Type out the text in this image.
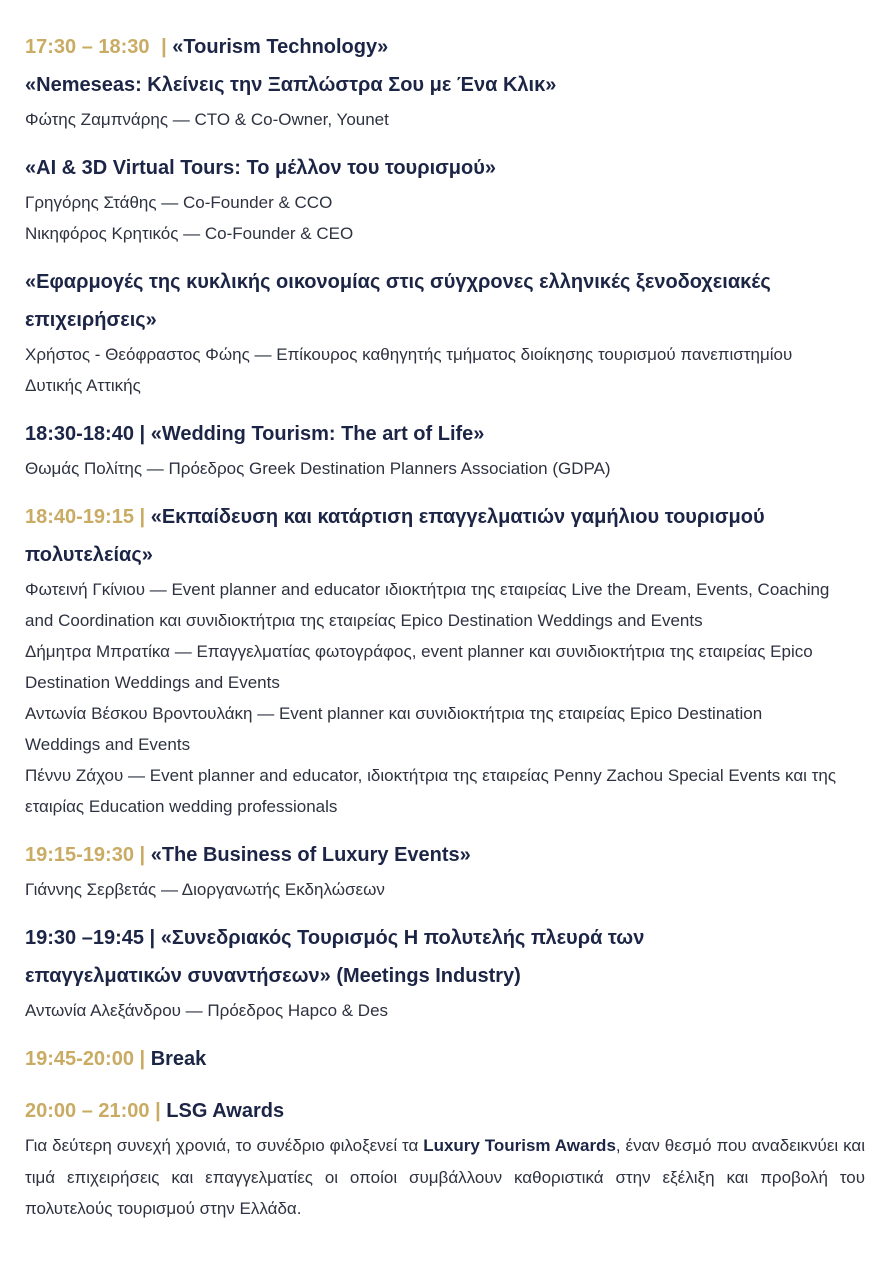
17:30 – 18:30 | «Tourism Technology»
«Nemeseas: Κλείνεις την Ξαπλώστρα Σου με Ένα Κλικ»
Φώτης Ζαμπνάρης — CTO & Co-Owner, Younet
«AI & 3D Virtual Tours: Το μέλλον του τουρισμού»
Γρηγόρης Στάθης — Co-Founder & CCO
Νικηφόρος Κρητικός — Co-Founder & CEO
«Εφαρμογές της κυκλικής οικονομίας στις σύγχρονες ελληνικές ξενοδοχειακές επιχειρήσεις»
Χρήστος - Θεόφραστος Φώης — Επίκουρος καθηγητής τμήματος διοίκησης τουρισμού πανεπιστημίου Δυτικής Αττικής
18:30-18:40 | «Wedding Tourism: The art of Life»
Θωμάς Πολίτης — Πρόεδρος Greek Destination Planners Association (GDPA)
18:40-19:15 | «Εκπαίδευση και κατάρτιση επαγγελματιών γαμήλιου τουρισμού πολυτελείας»
Φωτεινή Γκίνιου — Event planner and educator ιδιοκτήτρια της εταιρείας Live the Dream, Events, Coaching and Coordination και συνιδιοκτήτρια της εταιρείας Epico Destination Weddings and Events
Δήμητρα Μπρατίκα — Επαγγελματίας φωτογράφος, event planner και συνιδιοκτήτρια της εταιρείας Epico Destination Weddings and Events
Αντωνία Βέσκου Βροντουλάκη — Event planner και συνιδιοκτήτρια της εταιρείας Epico Destination Weddings and Events
Πέννυ Ζάχου — Event planner and educator, ιδιοκτήτρια της εταιρείας Penny Zachou Special Events και της εταιρίας Education wedding professionals
19:15-19:30 | «The Business of Luxury Events»
Γιάννης Σερβετάς — Διοργανωτής Εκδηλώσεων
19:30 –19:45 | «Συνεδριακός Τουρισμός Η πολυτελής πλευρά των επαγγελματικών συναντήσεων» (Meetings Industry)
Αντωνία Αλεξάνδρου — Πρόεδρος Hapco & Des
19:45-20:00 | Break
20:00 – 21:00 | LSG Awards
Για δεύτερη συνεχή χρονιά, το συνέδριο φιλοξενεί τα Luxury Tourism Awards, έναν θεσμό που αναδεικνύει και τιμά επιχειρήσεις και επαγγελματίες οι οποίοι συμβάλλουν καθοριστικά στην εξέλιξη και προβολή του πολυτελούς τουρισμού στην Ελλάδα.
